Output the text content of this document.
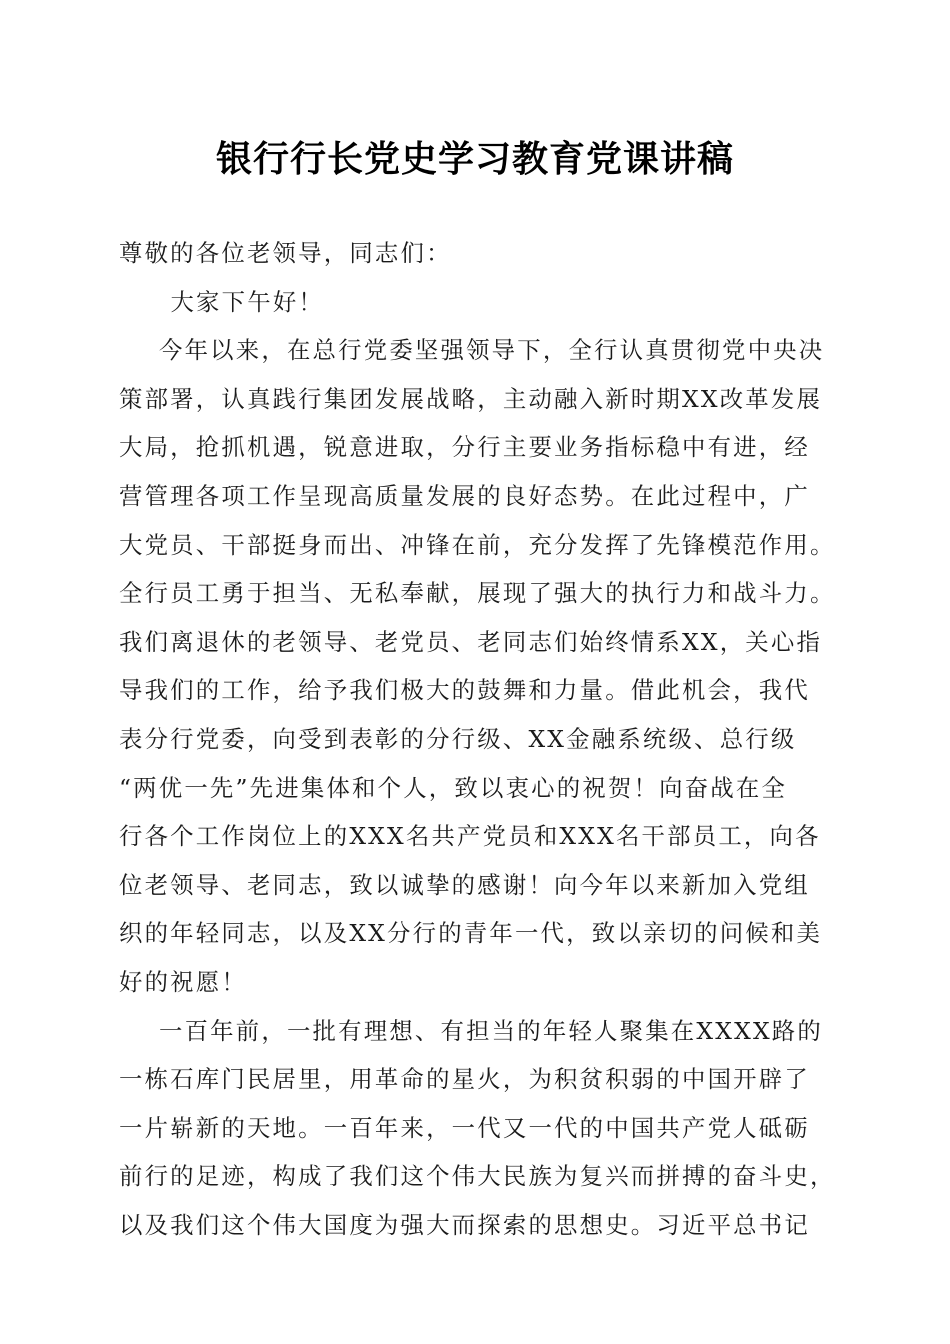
银行行长党史学习教育党课讲稿

尊敬的各位老领导，同志们：

大家下午好！

今年以来，在总行党委坚强领导下，全行认真贯彻党中央决
策部署，认真践行集团发展战略，主动融入新时期XX改革发展
大局，抢抓机遇，锐意进取，分行主要业务指标稳中有进，经
营管理各项工作呈现高质量发展的良好态势。在此过程中，广
大党员、干部挺身而出、冲锋在前，充分发挥了先锋模范作用。
全行员工勇于担当、无私奉献，展现了强大的执行力和战斗力。
我们离退休的老领导、老党员、老同志们始终情系XX，关心指
导我们的工作，给予我们极大的鼓舞和力量。借此机会，我代
表分行党委，向受到表彰的分行级、XX金融系统级、总行级
“两优一先”先进集体和个人，致以衷心的祝贺！向奋战在全
行各个工作岗位上的XXX名共产党员和XXX名干部员工，向各
位老领导、老同志，致以诚挚的感谢！向今年以来新加入党组
织的年轻同志，以及XX分行的青年一代，致以亲切的问候和美
好的祝愿！

一百年前，一批有理想、有担当的年轻人聚集在XXXX路的
一栋石库门民居里，用革命的星火，为积贫积弱的中国开辟了
一片崭新的天地。一百年来，一代又一代的中国共产党人砥砺
前行的足迹，构成了我们这个伟大民族为复兴而拼搏的奋斗史，
以及我们这个伟大国度为强大而探索的思想史。习近平总书记
